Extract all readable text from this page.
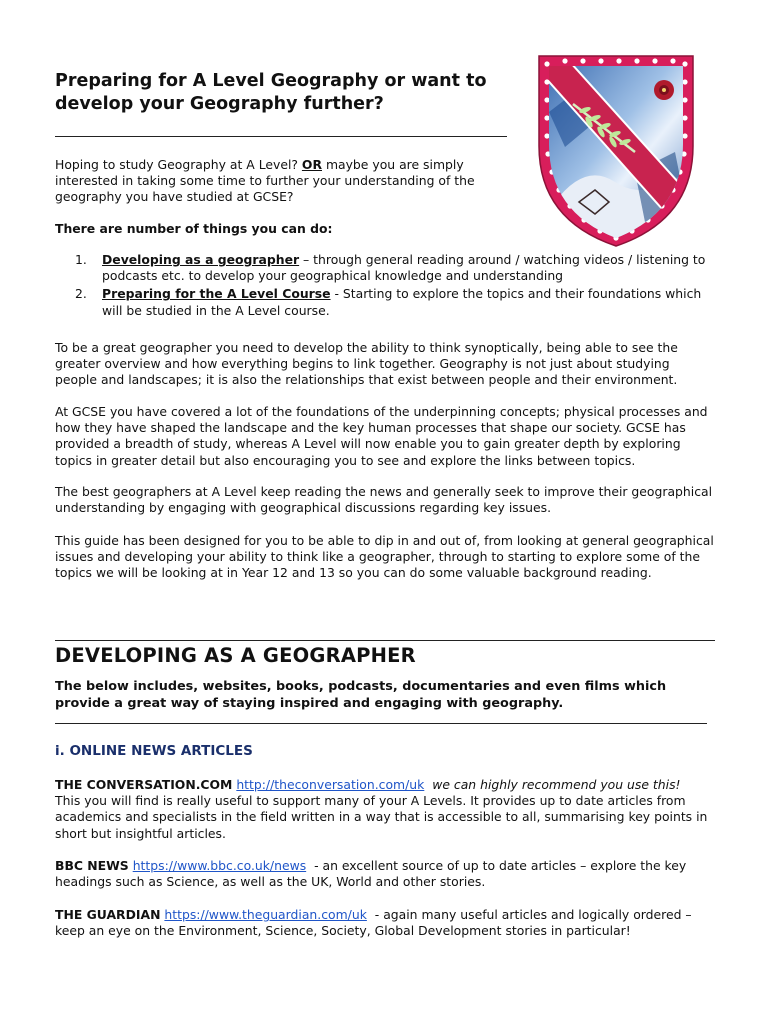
Preparing for A Level Geography or want to develop your Geography further?

Hoping to study Geography at A Level? OR maybe you are simply interested in taking some time to further your understanding of the geography you have studied at GCSE?

There are number of things you can do:

1. Developing as a geographer – through general reading around / watching videos / listening to podcasts etc. to develop your geographical knowledge and understanding
2. Preparing for the A Level Course - Starting to explore the topics and their foundations which will be studied in the A Level course.

To be a great geographer you need to develop the ability to think synoptically, being able to see the greater overview and how everything begins to link together. Geography is not just about studying people and landscapes; it is also the relationships that exist between people and their environment.

At GCSE you have covered a lot of the foundations of the underpinning concepts; physical processes and how they have shaped the landscape and the key human processes that shape our society. GCSE has provided a breadth of study, whereas A Level will now enable you to gain greater depth by exploring topics in greater detail but also encouraging you to see and explore the links between topics.

The best geographers at A Level keep reading the news and generally seek to improve their geographical understanding by engaging with geographical discussions regarding key issues.

This guide has been designed for you to be able to dip in and out of, from looking at general geographical issues and developing your ability to think like a geographer, through to starting to explore some of the topics we will be looking at in Year 12 and 13 so you can do some valuable background reading.

DEVELOPING AS A GEOGRAPHER

The below includes, websites, books, podcasts, documentaries and even films which provide a great way of staying inspired and engaging with geography.

i. ONLINE NEWS ARTICLES

THE CONVERSATION.COM http://theconversation.com/uk we can highly recommend you use this!
This you will find is really useful to support many of your A Levels. It provides up to date articles from academics and specialists in the field written in a way that is accessible to all, summarising key points in short but insightful articles.

BBC NEWS https://www.bbc.co.uk/news - an excellent source of up to date articles – explore the key headings such as Science, as well as the UK, World and other stories.

THE GUARDIAN https://www.theguardian.com/uk - again many useful articles and logically ordered – keep an eye on the Environment, Science, Society, Global Development stories in particular!
